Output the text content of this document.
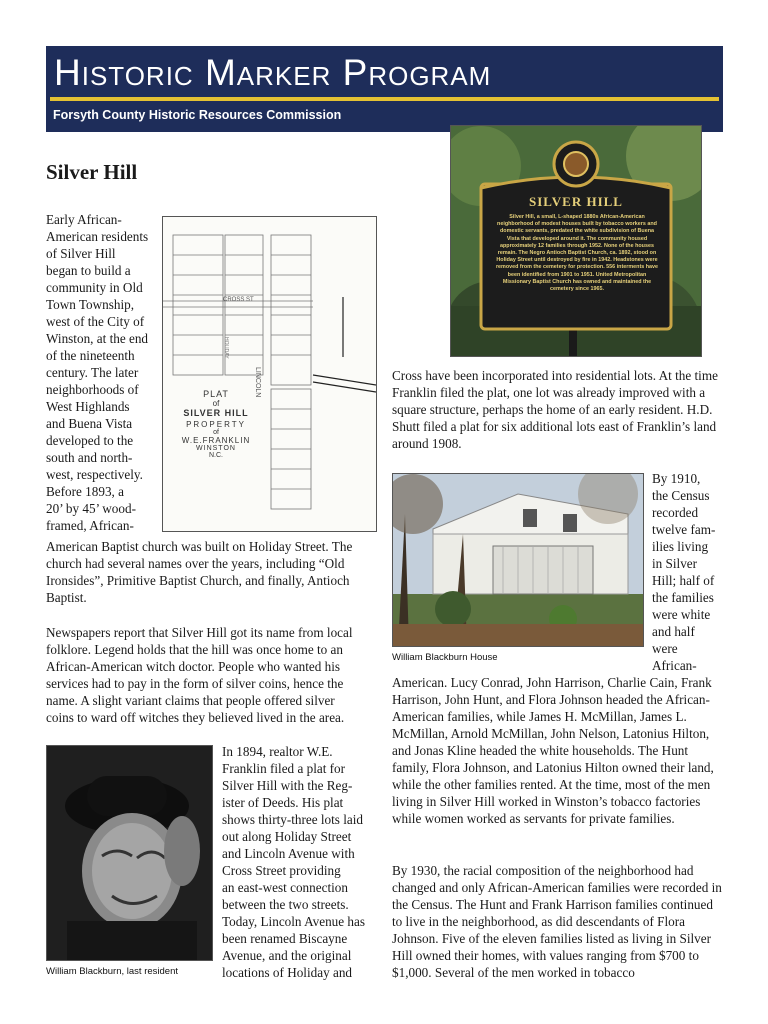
Historic Marker Program
Forsyth County Historic Resources Commission
Silver Hill
SILVER HILL
Silver Hill, a small, L-shaped 1880s African-American neighborhood of modest houses built by tobacco workers and domestic servants, predated the white subdivision of Buena Vista that developed around it. The community housed approximately 12 families through 1952. None of the houses remain. The Negro Antioch Baptist Church, ca. 1892, stood on Holiday Street until destroyed by fire in 1942. Headstones were removed from the cemetery for protection. 556 interments have been identified from 1901 to 1951. United Metropolitan Missionary Baptist Church has owned and maintained the cemetery since 1965.
CROSS ST
LINCOLN
HOLIDAY
PLAT
of
SILVER HILL
PROPERTY
of
W.E.FRANKLIN
WINSTON
N.C.

Early African-

American residents

of Silver Hill

began to build a

community in Old

Town Township,

west of the City of

Winston, at the end

of the nineteenth

century. The later

neighborhoods of

West Highlands

and Buena Vista

developed to the

south and north-

west, respectively.

Before 1893, a

20’ by 45’ wood-

framed, African-

American Baptist church was built on Holiday Street. The church had several names over the years, including “Old Ironsides”, Primitive Baptist Church, and finally, Antioch Baptist.

Newspapers report that Silver Hill got its name from local folklore. Legend holds that the hill was once home to an African-American witch doctor. People who wanted his services had to pay in the form of silver coins, hence the name. A slight variant claims that people offered silver coins to ward off witches they believed lived in the area.

William Blackburn, last resident

In 1894, realtor W.E.

Franklin filed a plat for

Silver Hill with the Reg-

ister of Deeds. His plat

shows thirty-three lots laid

out along Holiday Street

and Lincoln Avenue with

Cross Street providing

an east-west connection

between the two streets.

Today, Lincoln Avenue has

been renamed Biscayne

Avenue, and the original

locations of Holiday and

Cross have been incorporated into residential lots. At the time Franklin filed the plat, one lot was already improved with a square structure, perhaps the home of an early resident. H.D. Shutt filed a plat for six additional lots east of Franklin’s land around 1908.

William Blackburn House

By 1910,

the Census

recorded

twelve fam-

ilies living

in Silver

Hill; half of

the families

were white

and half

were

African-

American. Lucy Conrad, John Harrison, Charlie Cain, Frank Harrison, John Hunt, and Flora Johnson headed the African-American families, while James H. McMillan, James L. McMillan, Arnold McMillan, John Nelson, Latonius Hilton, and Jonas Kline headed the white households. The Hunt family, Flora Johnson, and Latonius Hilton owned their land, while the other families rented. At the time, most of the men living in Silver Hill worked in Winston’s tobacco factories while women worked as servants for private families.

By 1930, the racial composition of the neighborhood had changed and only African-American families were recorded in the Census. The Hunt and Frank Harrison families continued to live in the neighborhood, as did descendants of Flora Johnson. Five of the eleven families listed as living in Silver Hill owned their homes, with values ranging from $700 to $1,000. Several of the men worked in tobacco
